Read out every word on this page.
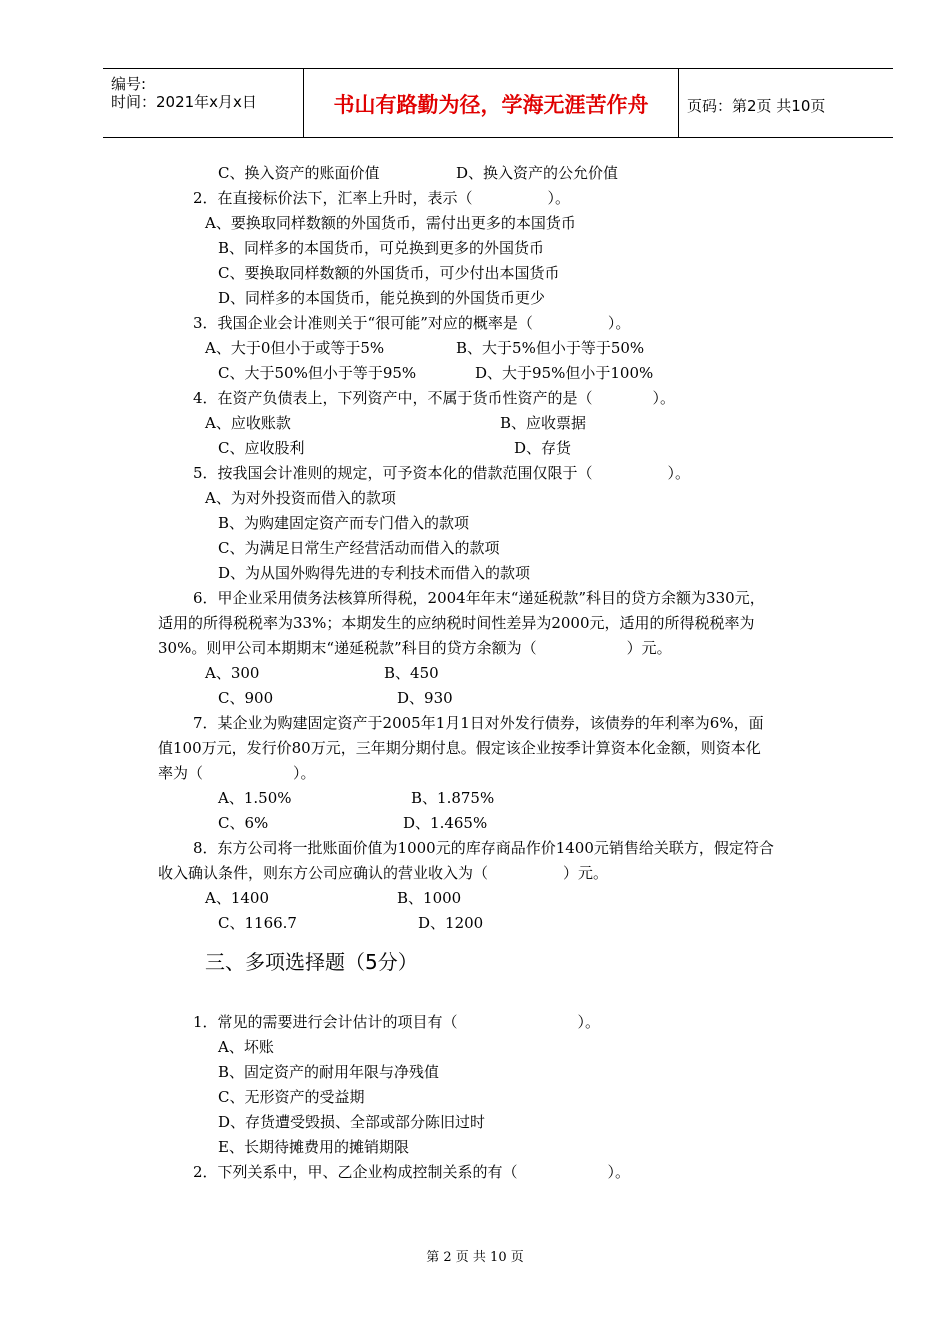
编号:
时间：2021年x月x日	书山有路勤为径，学海无涯苦作舟	页码：第2页 共10页
C、换入资产的账面价值	D、换入资产的公允价值
2．在直接标价法下，汇率上升时，表示（　　　　　）。
A、要换取同样数额的外国货币，需付出更多的本国货币
B、同样多的本国货币，可兑换到更多的外国货币
C、要换取同样数额的外国货币，可少付出本国货币
D、同样多的本国货币，能兑换到的外国货币更少
3．我国企业会计准则关于“很可能”对应的概率是（　　　　　）。
A、大于0但小于或等于5%	B、大于5%但小于等于50%
C、大于50%但小于等于95%	D、大于95%但小于100%
4．在资产负债表上，下列资产中，不属于货币性资产的是（　　　　）。
A、应收账款	B、应收票据
C、应收股利	D、存货
5．按我国会计准则的规定，可予资本化的借款范围仅限于（　　　　　）。
A、为对外投资而借入的款项
B、为购建固定资产而专门借入的款项
C、为满足日常生产经营活动而借入的款项
D、为从国外购得先进的专利技术而借入的款项
6．甲企业采用债务法核算所得税，2004年年末“递延税款”科目的贷方余额为330元，
适用的所得税税率为33%；本期发生的应纳税时间性差异为2000元，适用的所得税税率为
30%。则甲公司本期期末“递延税款”科目的贷方余额为（　　　　　　）元。
A、300	B、450
C、900	D、930
7．某企业为购建固定资产于2005年1月1日对外发行债券，该债券的年利率为6%，面
值100万元，发行价80万元，三年期分期付息。假定该企业按季计算资本化金额，则资本化
率为（　　　　　　）。
A、1.50%	B、1.875%
C、6%	D、1.465%
8．东方公司将一批账面价值为1000元的库存商品作价1400元销售给关联方，假定符合
收入确认条件，则东方公司应确认的营业收入为（　　　　　）元。
A、1400	B、1000
C、1166.7	D、1200
三、多项选择题（5分）
1．常见的需要进行会计估计的项目有（　　　　　　　　）。
A、坏账
B、固定资产的耐用年限与净残值
C、无形资产的受益期
D、存货遭受毁损、全部或部分陈旧过时
E、长期待摊费用的摊销期限
2．下列关系中，甲、乙企业构成控制关系的有（　　　　　　）。
第 2 页 共 10 页
